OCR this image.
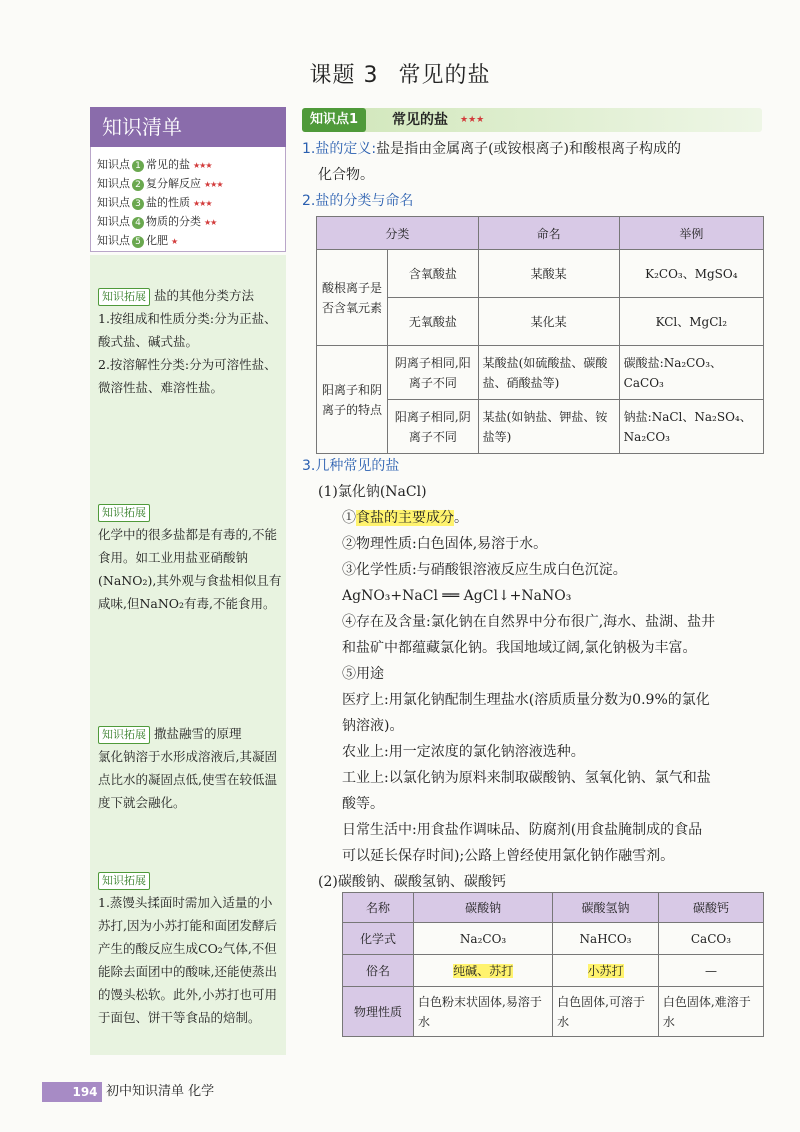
课题 3 常见的盐
知识清单
知识点 1 常见的盐 ★★★
知识点 2 复分解反应 ★★★
知识点 3 盐的性质 ★★★
知识点 4 物质的分类 ★★
知识点 5 化肥 ★

知识拓展 盐的其他分类方法

1.按组成和性质分类:分为正盐、酸式盐、碱式盐。

2.按溶解性分类:分为可溶性盐、微溶性盐、难溶性盐。

知识拓展

化学中的很多盐都是有毒的,不能食用。如工业用盐亚硝酸钠(NaNO₂),其外观与食盐相似且有咸味,但NaNO₂有毒,不能食用。

知识拓展 撒盐融雪的原理

氯化钠溶于水形成溶液后,其凝固点比水的凝固点低,使雪在较低温度下就会融化。

知识拓展

1.蒸馒头揉面时需加入适量的小苏打,因为小苏打能和面团发酵后产生的酸反应生成CO₂气体,不但能除去面团中的酸味,还能使蒸出的馒头松软。此外,小苏打也可用于面包、饼干等食品的焙制。

知识点1	常见的盐 ★★★
1.盐的定义:盐是指由金属离子(或铵根离子)和酸根离子构成的
化合物。
2.盐的分类与命名
分类		命名	举例
酸根离子是否含氧元素	含氧酸盐	某酸某	K₂CO₃、MgSO₄
	无氧酸盐	某化某	KCl、MgCl₂
阳离子和阴离子的特点	阴离子相同,阳离子不同	某酸盐(如硫酸盐、碳酸盐、硝酸盐等)	碳酸盐:Na₂CO₃、CaCO₃
	阳离子相同,阴离子不同	某盐(如钠盐、钾盐、铵盐等)	钠盐:NaCl、Na₂SO₄、Na₂CO₃
3.几种常见的盐
(1)氯化钠(NaCl)
①食盐的主要成分。
②物理性质:白色固体,易溶于水。
③化学性质:与硝酸银溶液反应生成白色沉淀。
AgNO₃+NaCl ══ AgCl↓+NaNO₃
④存在及含量:氯化钠在自然界中分布很广,海水、盐湖、盐井
和盐矿中都蕴藏氯化钠。我国地域辽阔,氯化钠极为丰富。
⑤用途
医疗上:用氯化钠配制生理盐水(溶质质量分数为0.9%的氯化
钠溶液)。
农业上:用一定浓度的氯化钠溶液选种。
工业上:以氯化钠为原料来制取碳酸钠、氢氧化钠、氯气和盐
酸等。
日常生活中:用食盐作调味品、防腐剂(用食盐腌制成的食品
可以延长保存时间);公路上曾经使用氯化钠作融雪剂。
(2)碳酸钠、碳酸氢钠、碳酸钙
名称	碳酸钠	碳酸氢钠	碳酸钙
化学式	Na₂CO₃	NaHCO₃	CaCO₃
俗名	纯碱、苏打	小苏打	—
物理性质	白色粉末状固体,易溶于水	白色固体,可溶于水	白色固体,难溶于水
194 初中知识清单 化学
